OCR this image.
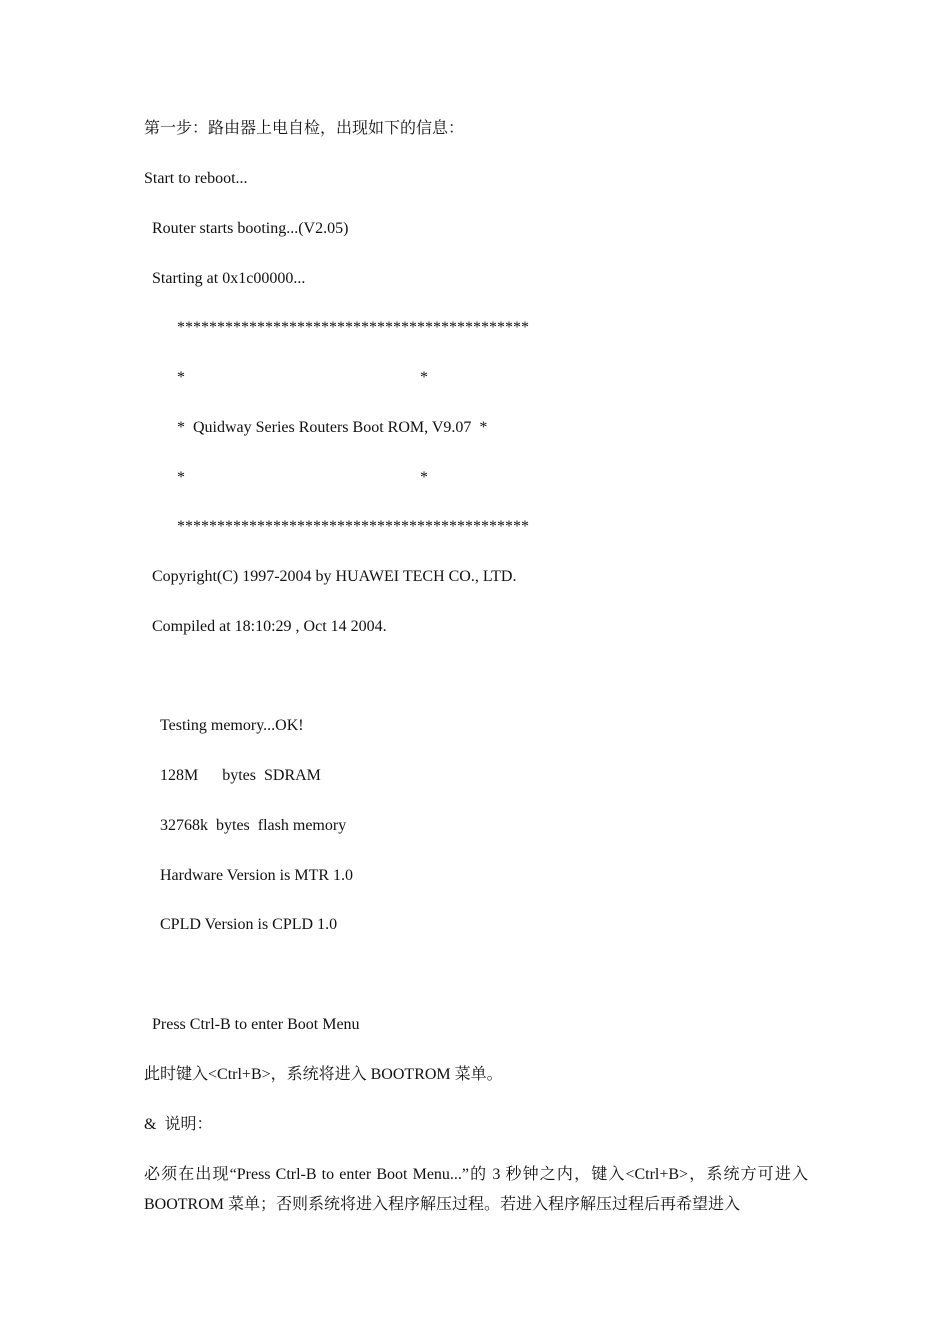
第一步：路由器上电自检，出现如下的信息：
Start to reboot...
Router starts booting...(V2.05)
Starting at 0x1c00000...
********************************************
*	*
*  Quidway Series Routers Boot ROM, V9.07  *
*	*
********************************************
Copyright(C) 1997-2004 by HUAWEI TECH CO., LTD.
Compiled at 18:10:29 , Oct 14 2004.
Testing memory...OK!
128M      bytes  SDRAM
32768k  bytes  flash memory
Hardware Version is MTR 1.0
CPLD Version is CPLD 1.0
Press Ctrl-B to enter Boot Menu
此时键入<Ctrl+B>，系统将进入 BOOTROM 菜单。
&  说明：
必须在出现“Press Ctrl-B to enter Boot Menu...”的 3 秒钟之内，键入<Ctrl+B>，系统方可进入 BOOTROM 菜单；否则系统将进入程序解压过程。若进入程序解压过程后再希望进入
